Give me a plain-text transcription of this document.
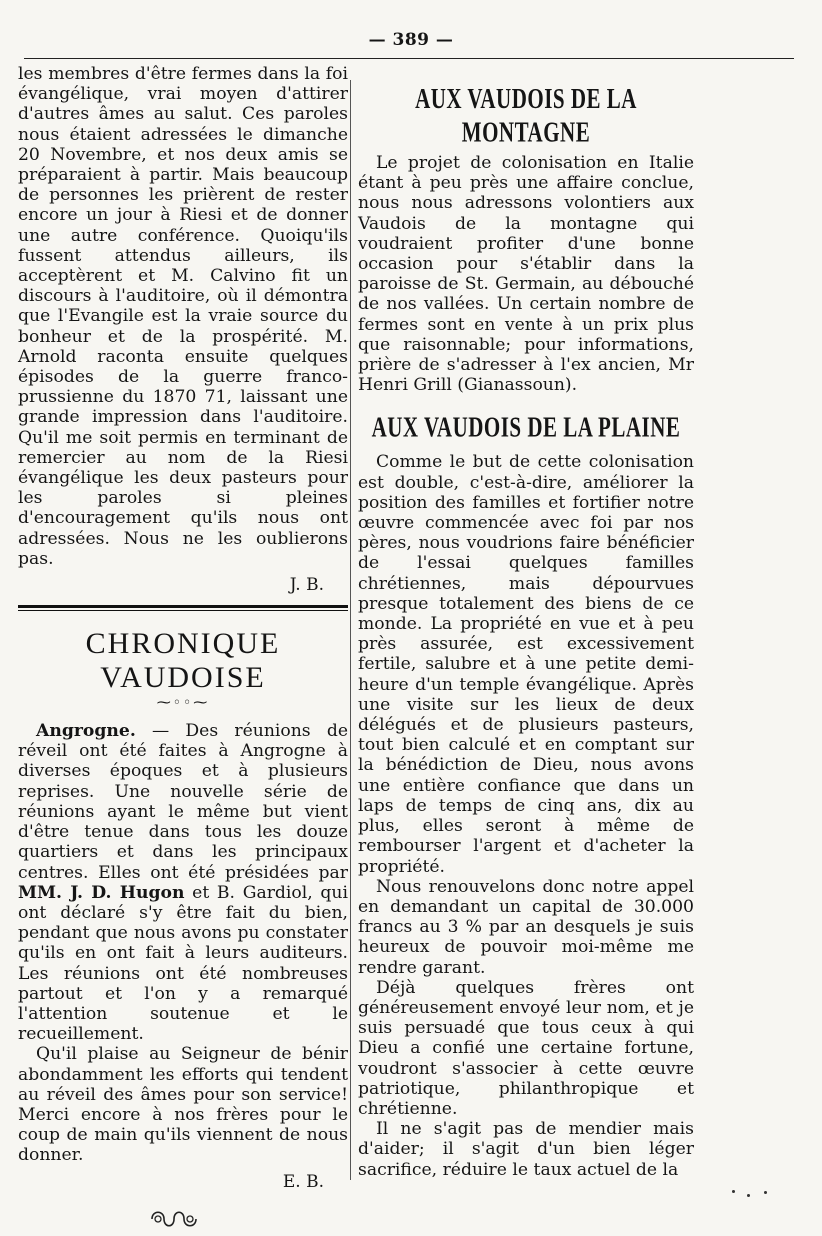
— 389 —

les membres d'être fermes dans la foi évangélique, vrai moyen d'attirer d'autres âmes au salut. Ces paroles nous étaient adressées le dimanche 20 Novembre, et nos deux amis se préparaient à partir. Mais beaucoup de personnes les prièrent de rester encore un jour à Riesi et de donner une autre conférence. Quoiqu'ils fussent attendus ailleurs, ils acceptèrent et M. Calvino fit un discours à l'auditoire, où il démontra que l'Evangile est la vraie source du bonheur et de la prospérité. M. Arnold raconta ensuite quelques épisodes de la guerre franco-prussienne du 1870 71, laissant une grande impression dans l'auditoire. Qu'il me soit permis en terminant de remercier au nom de la Riesi évangélique les deux pasteurs pour les paroles si pleines d'encouragement qu'ils nous ont adressées. Nous ne les oublierons pas.

J. B.
CHRONIQUE VAUDOISE
⁓◦◦⁓

Angrogne. — Des réunions de réveil ont été faites à Angrogne à diverses époques et à plusieurs reprises. Une nouvelle série de réunions ayant le même but vient d'être tenue dans tous les douze quartiers et dans les principaux centres. Elles ont été présidées par MM. J. D. Hugon et B. Gardiol, qui ont déclaré s'y être fait du bien, pendant que nous avons pu constater qu'ils en ont fait à leurs auditeurs. Les réunions ont été nombreuses partout et l'on y a remarqué l'attention soutenue et le recueillement.

Qu'il plaise au Seigneur de bénir abondamment les efforts qui tendent au réveil des âmes pour son service! Merci encore à nos frères pour le coup de main qu'ils viennent de nous donner.

E. B.
AUX VAUDOIS DE LA MONTAGNE

Le projet de colonisation en Italie étant à peu près une affaire conclue, nous nous adressons volontiers aux Vaudois de la montagne qui voudraient profiter d'une bonne occasion pour s'établir dans la paroisse de St. Germain, au débouché de nos vallées. Un certain nombre de fermes sont en vente à un prix plus que raisonnable; pour informations, prière de s'adresser à l'ex ancien, Mr Henri Grill (Gianassoun).

AUX VAUDOIS DE LA PLAINE

Comme le but de cette colonisation est double, c'est-à-dire, améliorer la position des familles et fortifier notre œuvre commencée avec foi par nos pères, nous voudrions faire bénéficier de l'essai quelques familles chrétiennes, mais dépourvues presque totalement des biens de ce monde. La propriété en vue et à peu près assurée, est excessivement fertile, salubre et à une petite demi-heure d'un temple évangélique. Après une visite sur les lieux de deux délégués et de plusieurs pasteurs, tout bien calculé et en comptant sur la bénédiction de Dieu, nous avons une entière confiance que dans un laps de temps de cinq ans, dix au plus, elles seront à même de rembourser l'argent et d'acheter la propriété.

Nous renouvelons donc notre appel en demandant un capital de 30.000 francs au 3 % par an desquels je suis heureux de pouvoir moi-même me rendre garant.

Déjà quelques frères ont généreusement envoyé leur nom, et je suis persuadé que tous ceux à qui Dieu a confié une certaine fortune, voudront s'associer à cette œuvre patriotique, philanthropique et chrétienne.

Il ne s'agit pas de mendier mais d'aider; il s'agit d'un bien léger sacrifice, réduire le taux actuel de la
